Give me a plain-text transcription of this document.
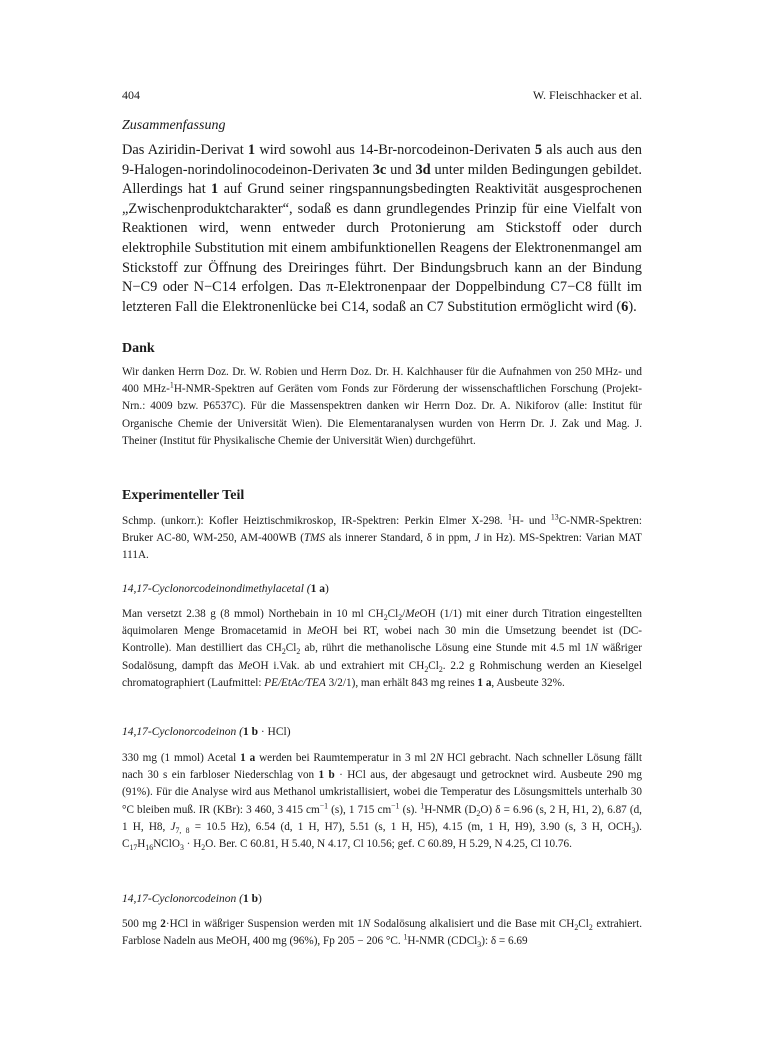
404	W. Fleischhacker et al.
Zusammenfassung

Das Aziridin-Derivat 1 wird sowohl aus 14-Br-norcodeinon-Derivaten 5 als auch aus den 9-Halogen-norindolinocodeinon-Derivaten 3c und 3d unter milden Bedingungen gebildet. Allerdings hat 1 auf Grund seiner ringspannungsbedingten Reaktivität ausgesprochenen „Zwischenproduktcharakter“, sodaß es dann grundlegendes Prinzip für eine Vielfalt von Reaktionen wird, wenn entweder durch Protonierung am Stickstoff oder durch elektrophile Substitution mit einem ambifunktionellen Reagens der Elektronenmangel am Stickstoff zur Öffnung des Dreiringes führt. Der Bindungsbruch kann an der Bindung N−C9 oder N−C14 erfolgen. Das π-Elektronenpaar der Doppelbindung C7−C8 füllt im letzteren Fall die Elektronenlücke bei C14, sodaß an C7 Substitution ermöglicht wird (6).

Dank

Wir danken Herrn Doz. Dr. W. Robien und Herrn Doz. Dr. H. Kalchhauser für die Aufnahmen von 250 MHz- und 400 MHz-$^1$H-NMR-Spektren auf Geräten vom Fonds zur Förderung der wissenschaftlichen Forschung (Projekt-Nrn.: 4009 bzw. P6537C). Für die Massenspektren danken wir Herrn Doz. Dr. A. Nikiforov (alle: Institut für Organische Chemie der Universität Wien). Die Elementaranalysen wurden von Herrn Dr. J. Zak und Mag. J. Theiner (Institut für Physikalische Chemie der Universität Wien) durchgeführt.

Experimenteller Teil

Schmp. (unkorr.): Kofler Heiztischmikroskop, IR-Spektren: Perkin Elmer X-298. $^1$H- und $^{13}$C-NMR-Spektren: Bruker AC-80, WM-250, AM-400WB (TMS als innerer Standard, δ in ppm, J in Hz). MS-Spektren: Varian MAT 111A.

14,17-Cyclonorcodeinondimethylacetal (1 a)

Man versetzt 2.38 g (8 mmol) Northebain in 10 ml $CH_2Cl_2$/MeOH (1/1) mit einer durch Titration eingestellten äquimolaren Menge Bromacetamid in MeOH bei RT, wobei nach 30 min die Umsetzung beendet ist (DC-Kontrolle). Man destilliert das $CH_2Cl_2$ ab, rührt die methanolische Lösung eine Stunde mit 4.5 ml 1N wäßriger Sodalösung, dampft das MeOH i.Vak. ab und extrahiert mit $CH_2Cl_2$. 2.2 g Rohmischung werden an Kieselgel chromatographiert (Laufmittel: PE/EtAc/TEA 3/2/1), man erhält 843 mg reines 1 a, Ausbeute 32%.

14,17-Cyclonorcodeinon (1 b · HCl)

330 mg (1 mmol) Acetal 1 a werden bei Raumtemperatur in 3 ml 2N HCl gebracht. Nach schneller Lösung fällt nach 30 s ein farbloser Niederschlag von 1 b · HCl aus, der abgesaugt und getrocknet wird. Ausbeute 290 mg (91%). Für die Analyse wird aus Methanol umkristallisiert, wobei die Temperatur des Lösungsmittels unterhalb 30 °C bleiben muß. IR (KBr): 3 460, 3 415 $cm^{-1}$ (s), 1 715 $cm^{-1}$ (s). $^1$H-NMR $(D_2O) \delta = 6.96$ (s, 2 H, H1, 2), 6.87 (d, 1 H, H8, $J_{7, 8} = 10.5$ Hz), 6.54 (d, 1 H, H7), 5.51 (s, 1 H, H5), 4.15 (m, 1 H, H9), 3.90 (s, 3 H, $OCH_3$). $C_{17}H_{16}NClO_3 \cdot H_2O$. Ber. C 60.81, H 5.40, N 4.17, Cl 10.56; gef. C 60.89, H 5.29, N 4.25, Cl 10.76.

14,17-Cyclonorcodeinon (1 b)

500 mg 2·HCl in wäßriger Suspension werden mit 1N Sodalösung alkalisiert und die Base mit $CH_2Cl_2$ extrahiert. Farblose Nadeln aus MeOH, 400 mg (96%), Fp 205 − 206 °C. $^1$H-NMR (CDCl$_3$): δ = 6.69
